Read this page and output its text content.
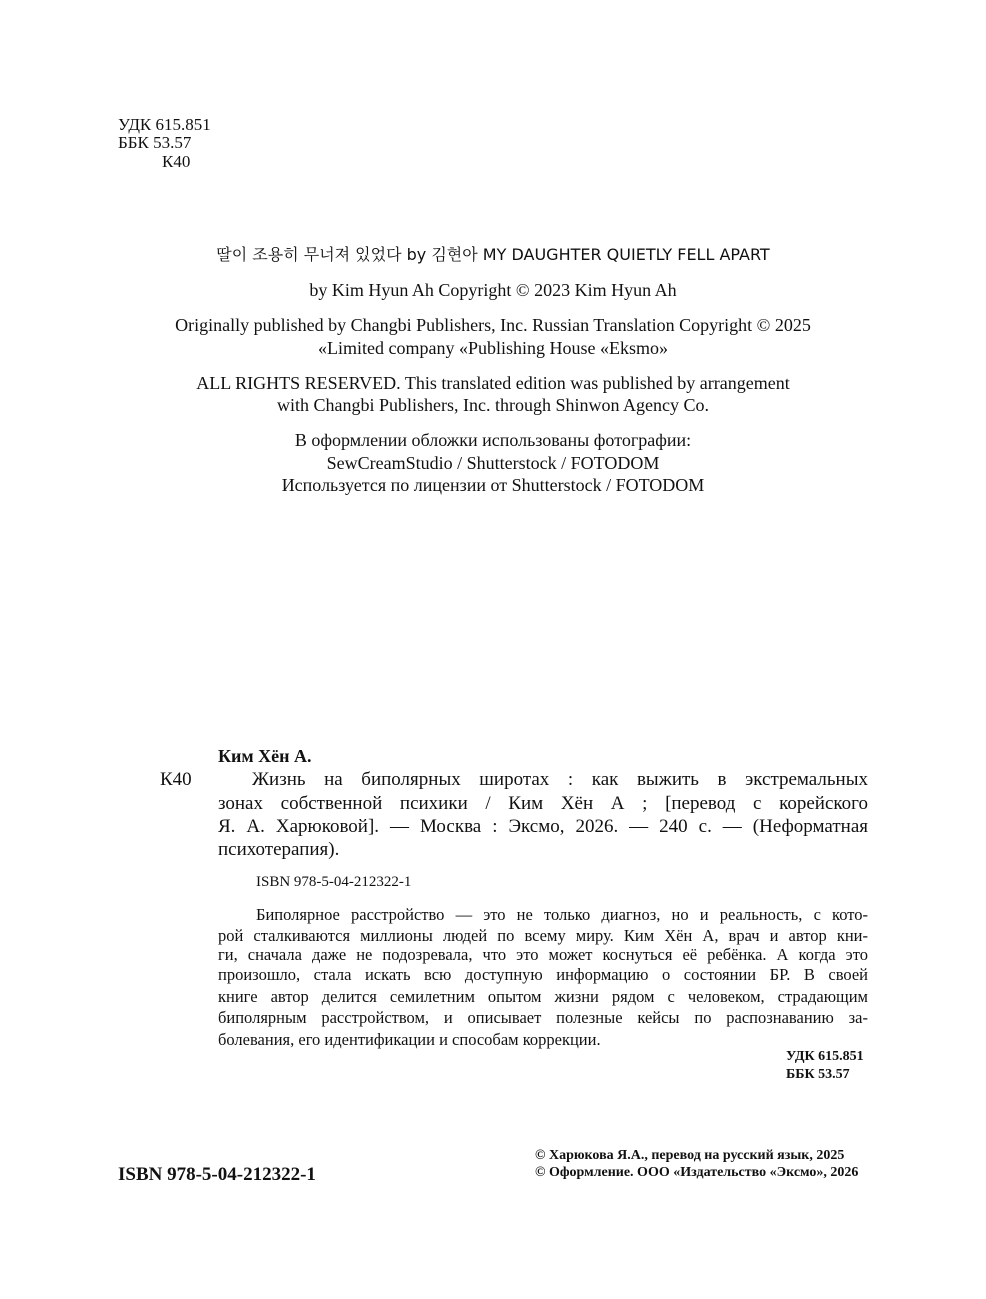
УДК 615.851
ББК 53.57
К40
딸이 조용히 무너져 있었다 by 김현아 MY DAUGHTER QUIETLY FELL APART
by Kim Hyun Ah Copyright © 2023 Kim Hyun Ah
Originally published by Changbi Publishers, Inc. Russian Translation Copyright © 2025
«Limited company «Publishing House «Eksmo»
ALL RIGHTS RESERVED. This translated edition was published by arrangement
with Changbi Publishers, Inc. through Shinwon Agency Co.
В оформлении обложки использованы фотографии:
SewCreamStudio / Shutterstock / FOTODOM
Используется по лицензии от Shutterstock / FOTODOM
Ким Хён А.
К40	Жизнь на биполярных широтах : как выжить в экстремальных
зонах собственной психики / Ким Хён А ; [перевод с корейского
Я. А. Харюковой]. — Москва : Эксмо, 2026. — 240 с. — (Неформатная
психотерапия).
ISBN 978-5-04-212322-1
Биполярное расстройство — это не только диагноз, но и реальность, с кото-
рой сталкиваются миллионы людей по всему миру. Ким Хён А, врач и автор кни-
ги, сначала даже не подозревала, что это может коснуться её ребёнка. А когда это
произошло, стала искать всю доступную информацию о состоянии БР. В своей
книге автор делится семилетним опытом жизни рядом с человеком, страдающим
биполярным расстройством, и описывает полезные кейсы по распознаванию за-
болевания, его идентификации и способам коррекции.
УДК 615.851
ББК 53.57
ISBN 978-5-04-212322-1
© Харюкова Я.А., перевод на русский язык, 2025
© Оформление. ООО «Издательство «Эксмо», 2026
